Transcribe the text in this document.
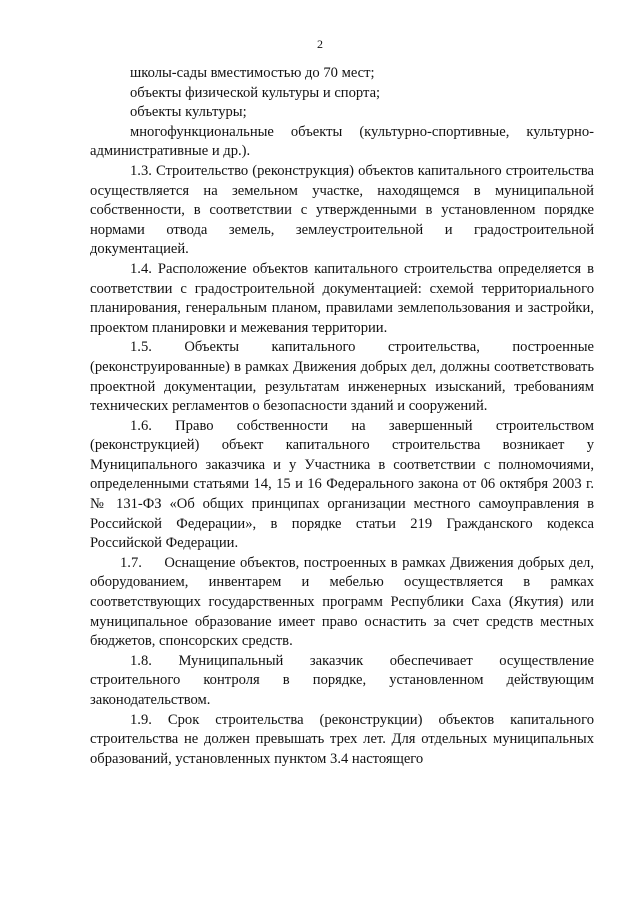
2

школы-сады вместимостью до 70 мест;

объекты физической культуры и спорта;

объекты культуры;

многофункциональные объекты (культурно-спортивные, культурно-административные и др.).

1.3. Строительство (реконструкция) объектов капитального строительства осуществляется на земельном участке, находящемся в муниципальной собственности, в соответствии с утвержденными в установленном порядке нормами отвода земель, землеустроительной и градостроительной документацией.

1.4. Расположение объектов капитального строительства определяется в соответствии с градостроительной документацией: схемой территориального планирования, генеральным планом, правилами землепользования и застройки, проектом планировки и межевания территории.

1.5. Объекты капитального строительства, построенные (реконструированные) в рамках Движения добрых дел, должны соответствовать проектной документации, результатам инженерных изысканий, требованиям технических регламентов о безопасности зданий и сооружений.

1.6. Право собственности на завершенный строительством (реконструкцией) объект капитального строительства возникает у Муниципального заказчика и у Участника в соответствии с полномочиями, определенными статьями 14, 15 и 16 Федерального закона от 06 октября 2003 г. № 131-ФЗ «Об общих принципах организации местного самоуправления в Российской Федерации», в порядке статьи 219 Гражданского кодекса Российской Федерации.

1.7. Оснащение объектов, построенных в рамках Движения добрых дел, оборудованием, инвентарем и мебелью осуществляется в рамках соответствующих государственных программ Республики Саха (Якутия) или муниципальное образование имеет право оснастить за счет средств местных бюджетов, спонсорских средств.

1.8. Муниципальный заказчик обеспечивает осуществление строительного контроля в порядке, установленном действующим законодательством.

1.9. Срок строительства (реконструкции) объектов капитального строительства не должен превышать трех лет. Для отдельных муниципальных образований, установленных пунктом 3.4 настоящего
